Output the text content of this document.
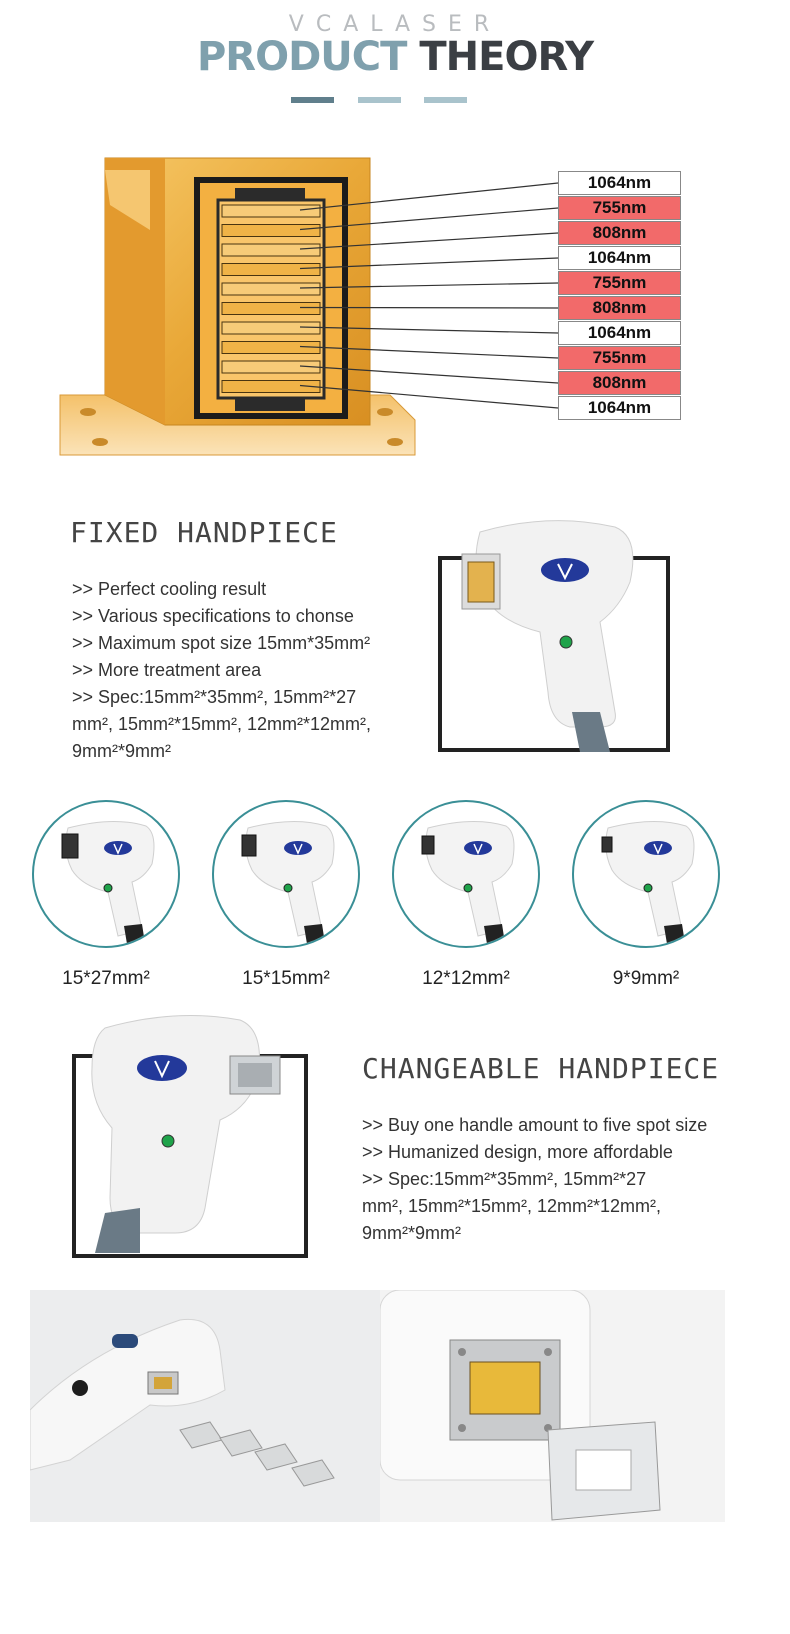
VCALASER
PRODUCT THEORY
1064nm
755nm
808nm
1064nm
755nm
808nm
1064nm
755nm
808nm
1064nm
FIXED HANDPIECE
>> Perfect cooling result
>> Various specifications to chonse
>> Maximum spot size 15mm*35mm²
>> More treatment area
>> Spec:15mm²*35mm², 15mm²*27
mm², 15mm²*15mm², 12mm²*12mm²,
9mm²*9mm²
15*27mm²	15*15mm²	12*12mm²	9*9mm²
CHANGEABLE HANDPIECE
>> Buy one handle amount to five spot size
>> Humanized design, more affordable
>> Spec:15mm²*35mm², 15mm²*27
mm², 15mm²*15mm², 12mm²*12mm²,
9mm²*9mm²
